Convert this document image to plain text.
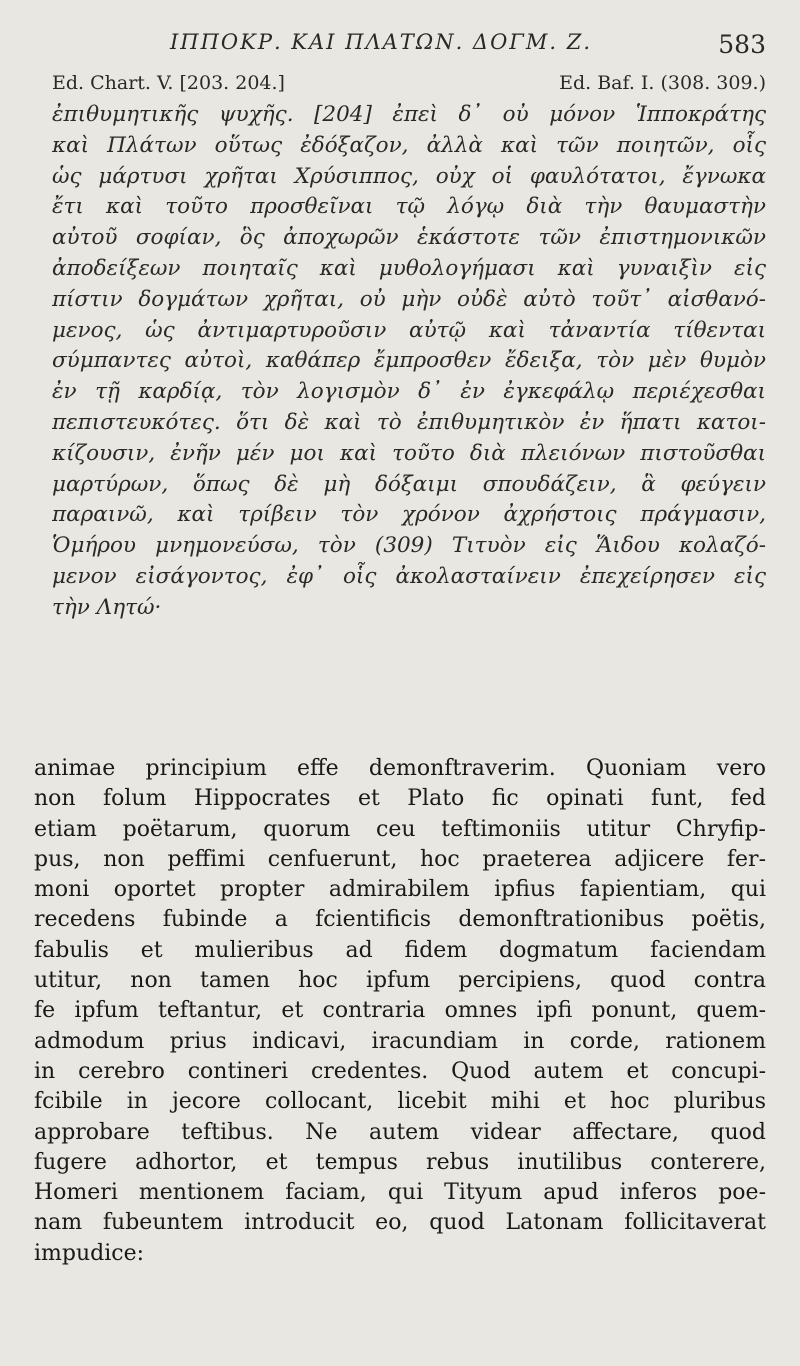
ΙΠΠΟΚΡ. ΚΑΙ ΠΛΑΤΩΝ. ΔΟΓΜ. Ζ.	583
Ed. Chart. V. [203. 204.]	Ed. Baf. I. (308. 309.)
ἐπιθυμητικῆς ψυχῆς. [204] ἐπεὶ δ᾽ οὐ μόνον Ἱπποκράτης
καὶ Πλάτων οὕτως ἐδόξαζον, ἀλλὰ καὶ τῶν ποιητῶν, οἷς
ὡς μάρτυσι χρῆται Χρύσιππος, οὐχ οἱ φαυλότατοι, ἔγνωκα
ἔτι καὶ τοῦτο προσθεῖναι τῷ λόγῳ διὰ τὴν θαυμαστὴν
αὐτοῦ σοφίαν, ὃς ἀποχωρῶν ἑκάστοτε τῶν ἐπιστημονικῶν
ἀποδείξεων ποιηταῖς καὶ μυθολογήμασι καὶ γυναιξὶν εἰς
πίστιν δογμάτων χρῆται, οὐ μὴν οὐδὲ αὐτὸ τοῦτ᾽ αἰσθανό-
μενος, ὡς ἀντιμαρτυροῦσιν αὐτῷ καὶ τἀναντία τίθενται
σύμπαντες αὐτοὶ, καθάπερ ἔμπροσθεν ἔδειξα, τὸν μὲν θυμὸν
ἐν τῇ καρδίᾳ, τὸν λογισμὸν δ᾽ ἐν ἐγκεφάλῳ περιέχεσθαι
πεπιστευκότες. ὅτι δὲ καὶ τὸ ἐπιθυμητικὸν ἐν ἥπατι κατοι-
κίζουσιν, ἐνῆν μέν μοι καὶ τοῦτο διὰ πλειόνων πιστοῦσθαι
μαρτύρων, ὅπως δὲ μὴ δόξαιμι σπουδάζειν, ἃ φεύγειν
παραινῶ, καὶ τρίβειν τὸν χρόνον ἀχρήστοις πράγμασιν,
Ὁμήρου μνημονεύσω, τὸν (309) Τιτυὸν εἰς Ἅιδου κολαζό-
μενον εἰσάγοντος, ἐφ᾽ οἷς ἀκολασταίνειν ἐπεχείρησεν εἰς
τὴν Λητώ·
animae principium effe demonftraverim. Quoniam vero
non folum Hippocrates et Plato fic opinati funt, fed
etiam poëtarum, quorum ceu teftimoniis utitur Chryfip-
pus, non peffimi cenfuerunt, hoc praeterea adjicere fer-
moni oportet propter admirabilem ipfius fapientiam, qui
recedens fubinde a fcientificis demonftrationibus poëtis,
fabulis et mulieribus ad fidem dogmatum faciendam
utitur, non tamen hoc ipfum percipiens, quod contra
fe ipfum teftantur, et contraria omnes ipfi ponunt, quem-
admodum prius indicavi, iracundiam in corde, rationem
in cerebro contineri credentes. Quod autem et concupi-
fcibile in jecore collocant, licebit mihi et hoc pluribus
approbare teftibus. Ne autem videar affectare, quod
fugere adhortor, et tempus rebus inutilibus conterere,
Homeri mentionem faciam, qui Tityum apud inferos poe-
nam fubeuntem introducit eo, quod Latonam follicitaverat
impudice:
